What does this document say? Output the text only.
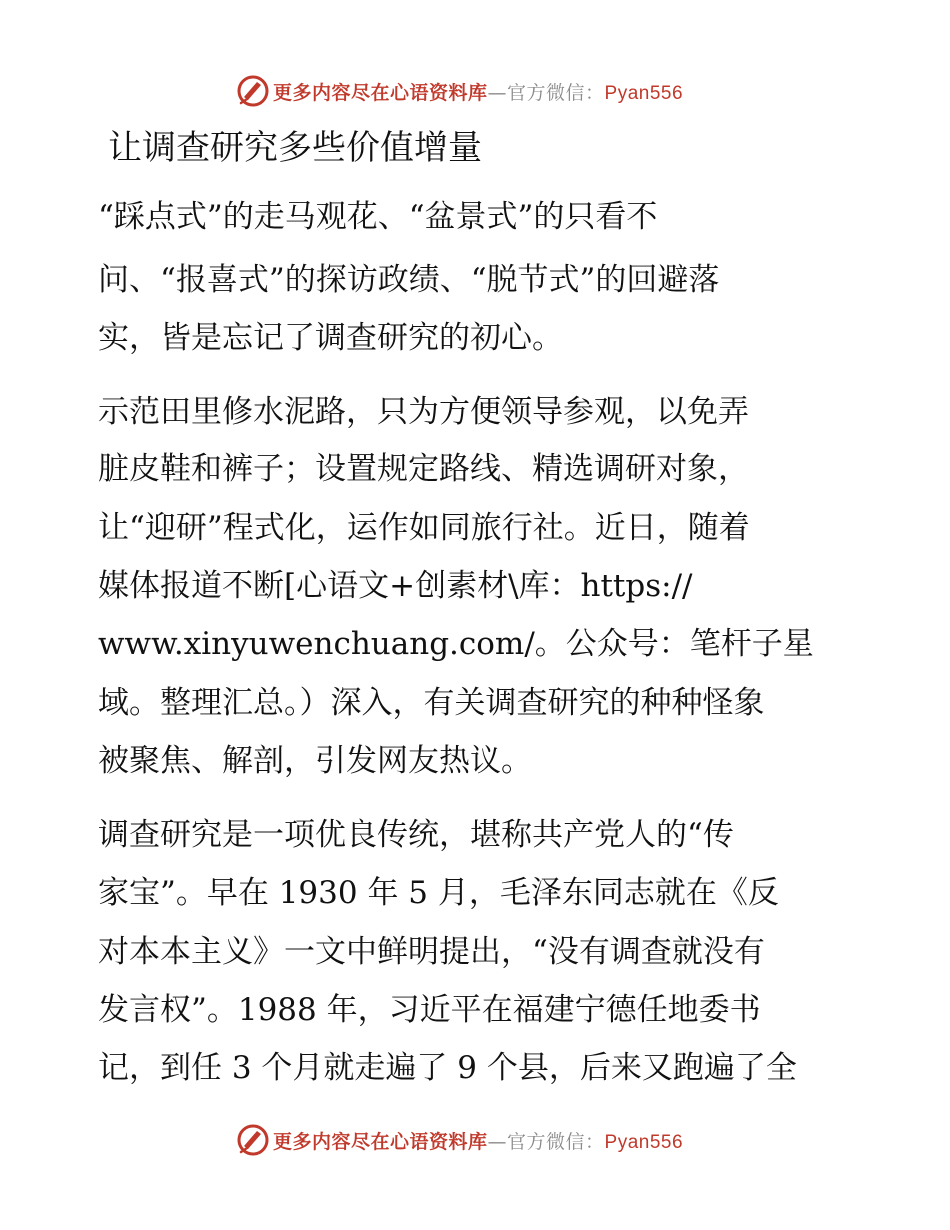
更多内容尽在心语资料库—官方微信：Pyan556
让调查研究多些价值增量

“踩点式”的走马观花、“盆景式”的只看不

问、“报喜式”的探访政绩、“脱节式”的回避落

实，皆是忘记了调查研究的初心。

示范田里修水泥路，只为方便领导参观，以免弄

脏皮鞋和裤子；设置规定路线、精选调研对象，

让“迎研”程式化，运作如同旅行社。近日，随着

媒体报道不断[心语文+创素材\库：https://

www.xinyuwenchuang.com/。公众号：笔杆子星

域。整理汇总。）深入，有关调查研究的种种怪象

被聚焦、解剖，引发网友热议。

调查研究是一项优良传统，堪称共产党人的“传

家宝”。早在 1930 年 5 月，毛泽东同志就在《反

对本本主义》一文中鲜明提出，“没有调查就没有

发言权”。1988 年，习近平在福建宁德任地委书

记，到任 3 个月就走遍了 9 个县，后来又跑遍了全

更多内容尽在心语资料库—官方微信：Pyan556
